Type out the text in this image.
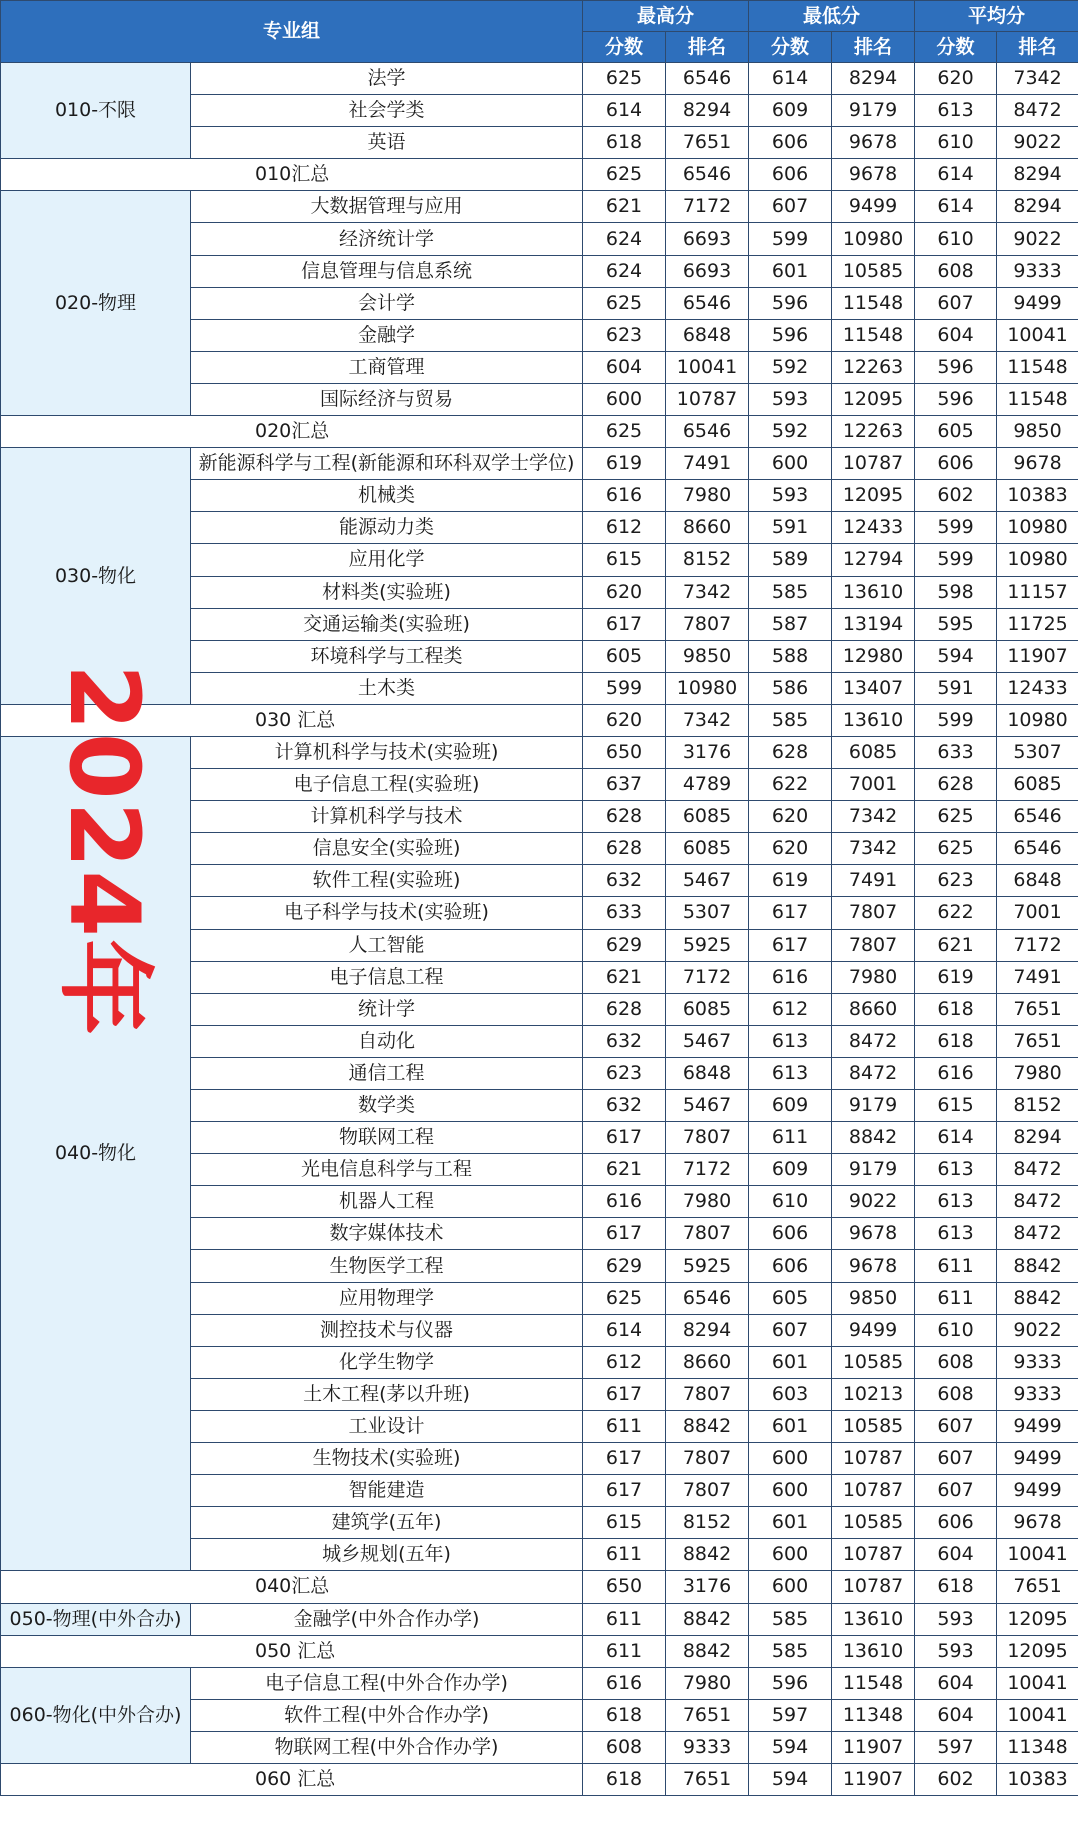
专业组		最高分		最低分		平均分	
		分数	排名	分数	排名	分数	排名
010-不限	法学	625	6546	614	8294	620	7342
	社会学类	614	8294	609	9179	613	8472
	英语	618	7651	606	9678	610	9022
010汇总		625	6546	606	9678	614	8294
020-物理	大数据管理与应用	621	7172	607	9499	614	8294
	经济统计学	624	6693	599	10980	610	9022
	信息管理与信息系统	624	6693	601	10585	608	9333
	会计学	625	6546	596	11548	607	9499
	金融学	623	6848	596	11548	604	10041
	工商管理	604	10041	592	12263	596	11548
	国际经济与贸易	600	10787	593	12095	596	11548
020汇总		625	6546	592	12263	605	9850
030-物化	新能源科学与工程(新能源和环科双学士学位)	619	7491	600	10787	606	9678
	机械类	616	7980	593	12095	602	10383
	能源动力类	612	8660	591	12433	599	10980
	应用化学	615	8152	589	12794	599	10980
	材料类(实验班)	620	7342	585	13610	598	11157
	交通运输类(实验班)	617	7807	587	13194	595	11725
	环境科学与工程类	605	9850	588	12980	594	11907
	土木类	599	10980	586	13407	591	12433
030 汇总		620	7342	585	13610	599	10980
040-物化	计算机科学与技术(实验班)	650	3176	628	6085	633	5307
	电子信息工程(实验班)	637	4789	622	7001	628	6085
	计算机科学与技术	628	6085	620	7342	625	6546
	信息安全(实验班)	628	6085	620	7342	625	6546
	软件工程(实验班)	632	5467	619	7491	623	6848
	电子科学与技术(实验班)	633	5307	617	7807	622	7001
	人工智能	629	5925	617	7807	621	7172
	电子信息工程	621	7172	616	7980	619	7491
	统计学	628	6085	612	8660	618	7651
	自动化	632	5467	613	8472	618	7651
	通信工程	623	6848	613	8472	616	7980
	数学类	632	5467	609	9179	615	8152
	物联网工程	617	7807	611	8842	614	8294
	光电信息科学与工程	621	7172	609	9179	613	8472
	机器人工程	616	7980	610	9022	613	8472
	数字媒体技术	617	7807	606	9678	613	8472
	生物医学工程	629	5925	606	9678	611	8842
	应用物理学	625	6546	605	9850	611	8842
	测控技术与仪器	614	8294	607	9499	610	9022
	化学生物学	612	8660	601	10585	608	9333
	土木工程(茅以升班)	617	7807	603	10213	608	9333
	工业设计	611	8842	601	10585	607	9499
	生物技术(实验班)	617	7807	600	10787	607	9499
	智能建造	617	7807	600	10787	607	9499
	建筑学(五年)	615	8152	601	10585	606	9678
	城乡规划(五年)	611	8842	600	10787	604	10041
040汇总		650	3176	600	10787	618	7651
050-物理(中外合办)	金融学(中外合作办学)	611	8842	585	13610	593	12095
050 汇总		611	8842	585	13610	593	12095
060-物化(中外合办)	电子信息工程(中外合作办学)	616	7980	596	11548	604	10041
	软件工程(中外合作办学)	618	7651	597	11348	604	10041
	物联网工程(中外合作办学)	608	9333	594	11907	597	11348
060 汇总		618	7651	594	11907	602	10383
2024年
